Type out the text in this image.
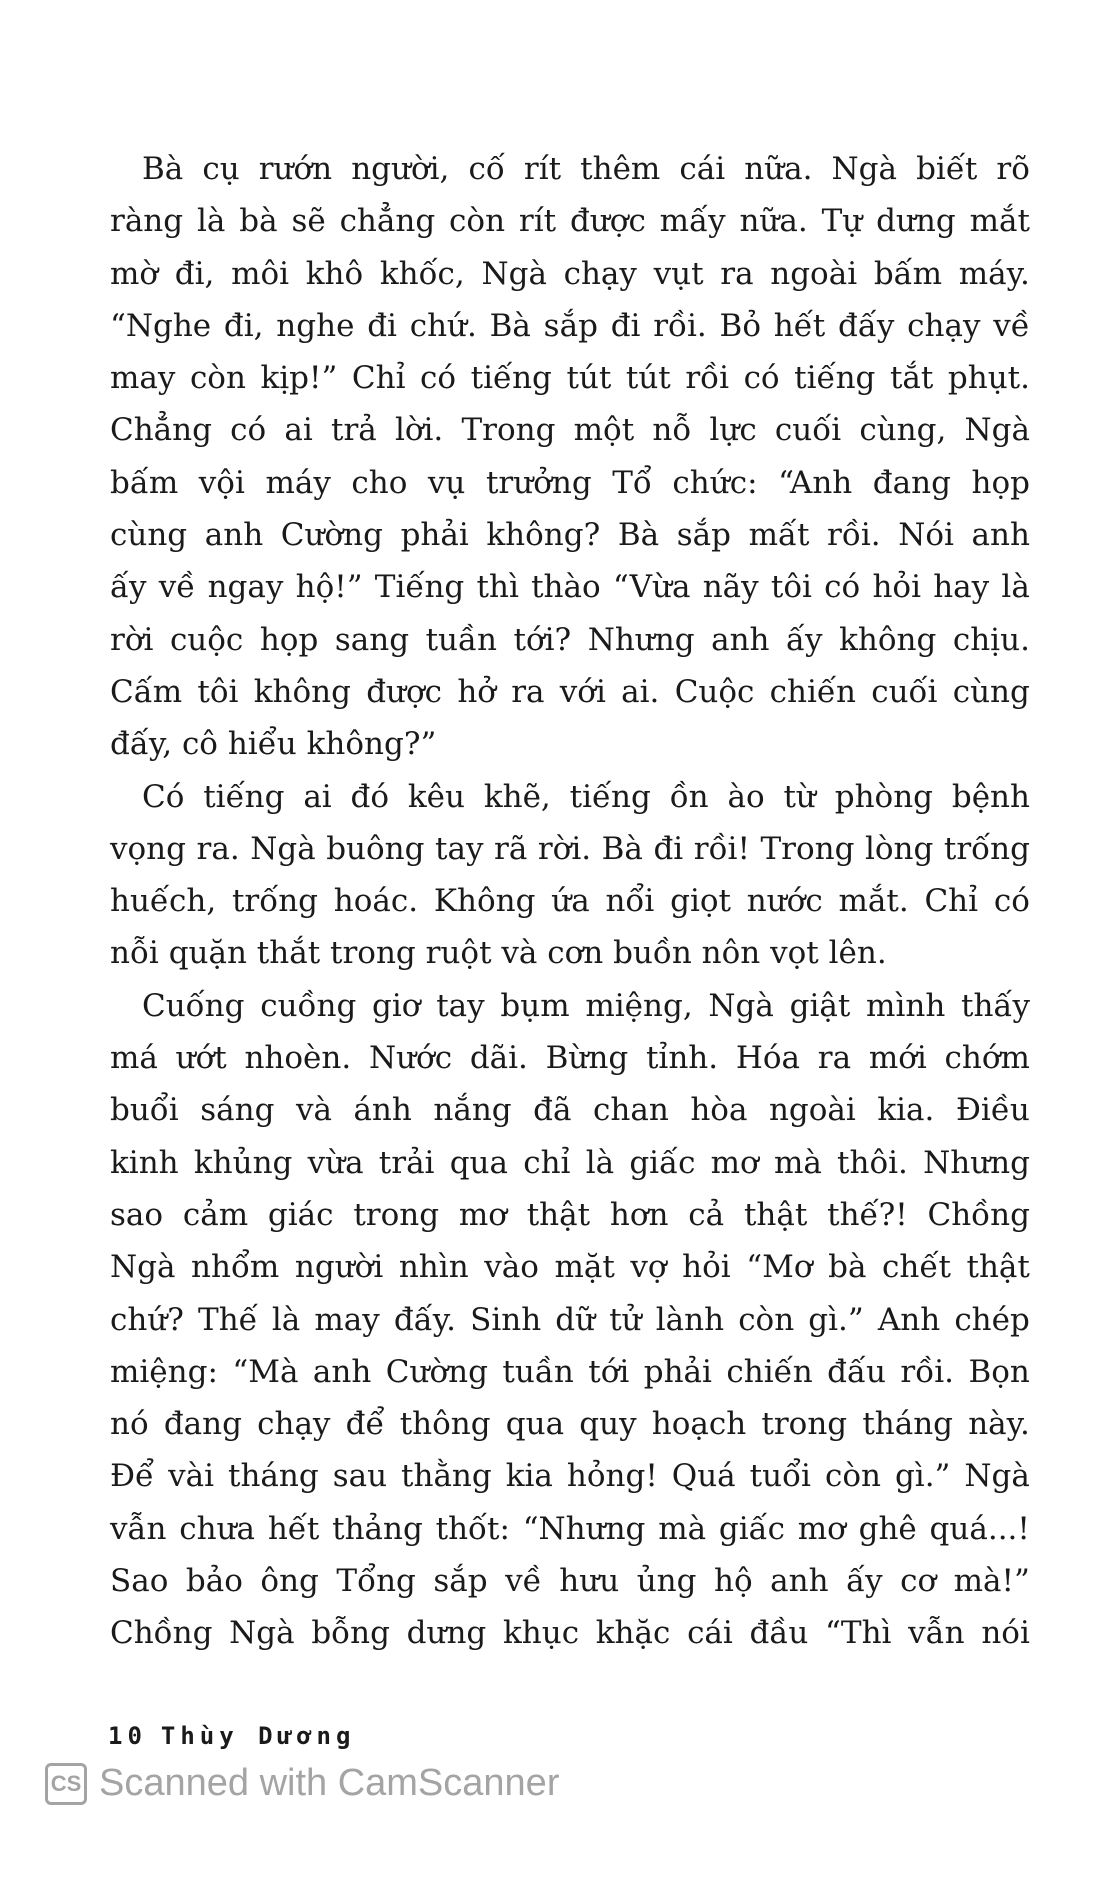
Bà cụ rướn người, cố rít thêm cái nữa. Ngà biết rõ
ràng là bà sẽ chẳng còn rít được mấy nữa. Tự dưng mắt
mờ đi, môi khô khốc, Ngà chạy vụt ra ngoài bấm máy.
“Nghe đi, nghe đi chứ. Bà sắp đi rồi. Bỏ hết đấy chạy về
may còn kịp!” Chỉ có tiếng tút tút rồi có tiếng tắt phụt.
Chẳng có ai trả lời. Trong một nỗ lực cuối cùng, Ngà
bấm vội máy cho vụ trưởng Tổ chức: “Anh đang họp
cùng anh Cường phải không? Bà sắp mất rồi. Nói anh
ấy về ngay hộ!” Tiếng thì thào “Vừa nãy tôi có hỏi hay là
rời cuộc họp sang tuần tới? Nhưng anh ấy không chịu.
Cấm tôi không được hở ra với ai. Cuộc chiến cuối cùng
đấy, cô hiểu không?”
Có tiếng ai đó kêu khẽ, tiếng ồn ào từ phòng bệnh
vọng ra. Ngà buông tay rã rời. Bà đi rồi! Trong lòng trống
huếch, trống hoác. Không ứa nổi giọt nước mắt. Chỉ có
nỗi quặn thắt trong ruột và cơn buồn nôn vọt lên.
Cuống cuồng giơ tay bụm miệng, Ngà giật mình thấy
má ướt nhoèn. Nước dãi. Bừng tỉnh. Hóa ra mới chớm
buổi sáng và ánh nắng đã chan hòa ngoài kia. Điều
kinh khủng vừa trải qua chỉ là giấc mơ mà thôi. Nhưng
sao cảm giác trong mơ thật hơn cả thật thế?! Chồng
Ngà nhổm người nhìn vào mặt vợ hỏi “Mơ bà chết thật
chứ? Thế là may đấy. Sinh dữ tử lành còn gì.” Anh chép
miệng: “Mà anh Cường tuần tới phải chiến đấu rồi. Bọn
nó đang chạy để thông qua quy hoạch trong tháng này.
Để vài tháng sau thằng kia hỏng! Quá tuổi còn gì.” Ngà
vẫn chưa hết thảng thốt: “Nhưng mà giấc mơ ghê quá...!
Sao bảo ông Tổng sắp về hưu ủng hộ anh ấy cơ mà!”
Chồng Ngà bỗng dưng khục khặc cái đầu “Thì vẫn nói
10 Thùy Dương
CS Scanned with CamScanner
